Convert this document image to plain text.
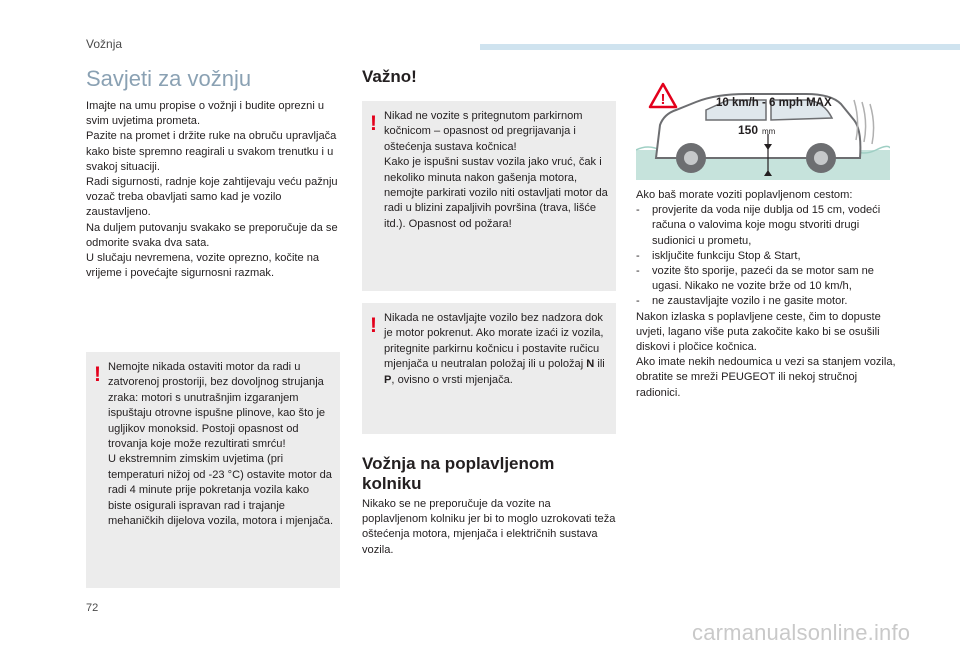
Vožnja
Savjeti za vožnju

Imajte na umu propise o vožnji i budite oprezni u svim uvjetima prometa.

Pazite na promet i držite ruke na obruču upravljača kako biste spremno reagirali u svakom trenutku i u svakoj situaciji.

Radi sigurnosti, radnje koje zahtijevaju veću pažnju vozač treba obavljati samo kad je vozilo zaustavljeno.

Na duljem putovanju svakako se preporučuje da se odmorite svaka dva sata.

U slučaju nevremena, vozite oprezno, kočite na vrijeme i povećajte sigurnosni razmak.

! Nemojte nikada ostaviti motor da radi u zatvorenoj prostoriji, bez dovoljnog strujanja zraka: motori s unutrašnjim izgaranjem ispuštaju otrovne ispušne plinove, kao što je ugljikov monoksid. Postoji opasnost od trovanja koje može rezultirati smrću!

U ekstremnim zimskim uvjetima (pri temperaturi nižoj od -23 °C) ostavite motor da radi 4 minute prije pokretanja vozila kako biste osigurali ispravan rad i trajanje mehaničkih dijelova vozila, motora i mjenjača.

Važno!
! Nikad ne vozite s pritegnutom parkirnom kočnicom – opasnost od pregrijavanja i oštećenja sustava kočnica!

Kako je ispušni sustav vozila jako vruć, čak i nekoliko minuta nakon gašenja motora, nemojte parkirati vozilo niti ostavljati motor da radi u blizini zapaljivih površina (trava, lišće itd.). Opasnost od požara!

! Nikada ne ostavljajte vozilo bez nadzora dok je motor pokrenut. Ako morate izaći iz vozila, pritegnite parkirnu kočnicu i postavite ručicu mjenjača u neutralan položaj ili u položaj N ili P, ovisno o vrsti mjenjača.

Vožnja na poplavljenom kolniku

Nikako se ne preporučuje da vozite na poplavljenom kolniku jer bi to moglo uzrokovati teža oštećenja motora, mjenjača i električnih sustava vozila.

!	10 km/h - 6 mph MAX
150 mm

Ako baš morate voziti poplavljenom cestom:

- provjerite da voda nije dublja od 15 cm, vodeći računa o valovima koje mogu stvoriti drugi sudionici u prometu,
- isključite funkciju Stop & Start,
- vozite što sporije, pazeći da se motor sam ne ugasi. Nikako ne vozite brže od 10 km/h,
- ne zaustavljajte vozilo i ne gasite motor.

Nakon izlaska s poplavljene ceste, čim to dopuste uvjeti, lagano više puta zakočite kako bi se osušili diskovi i pločice kočnica.

Ako imate nekih nedoumica u vezi sa stanjem vozila, obratite se mreži PEUGEOT ili nekoj stručnoj radionici.

72
carmanualsonline.info
